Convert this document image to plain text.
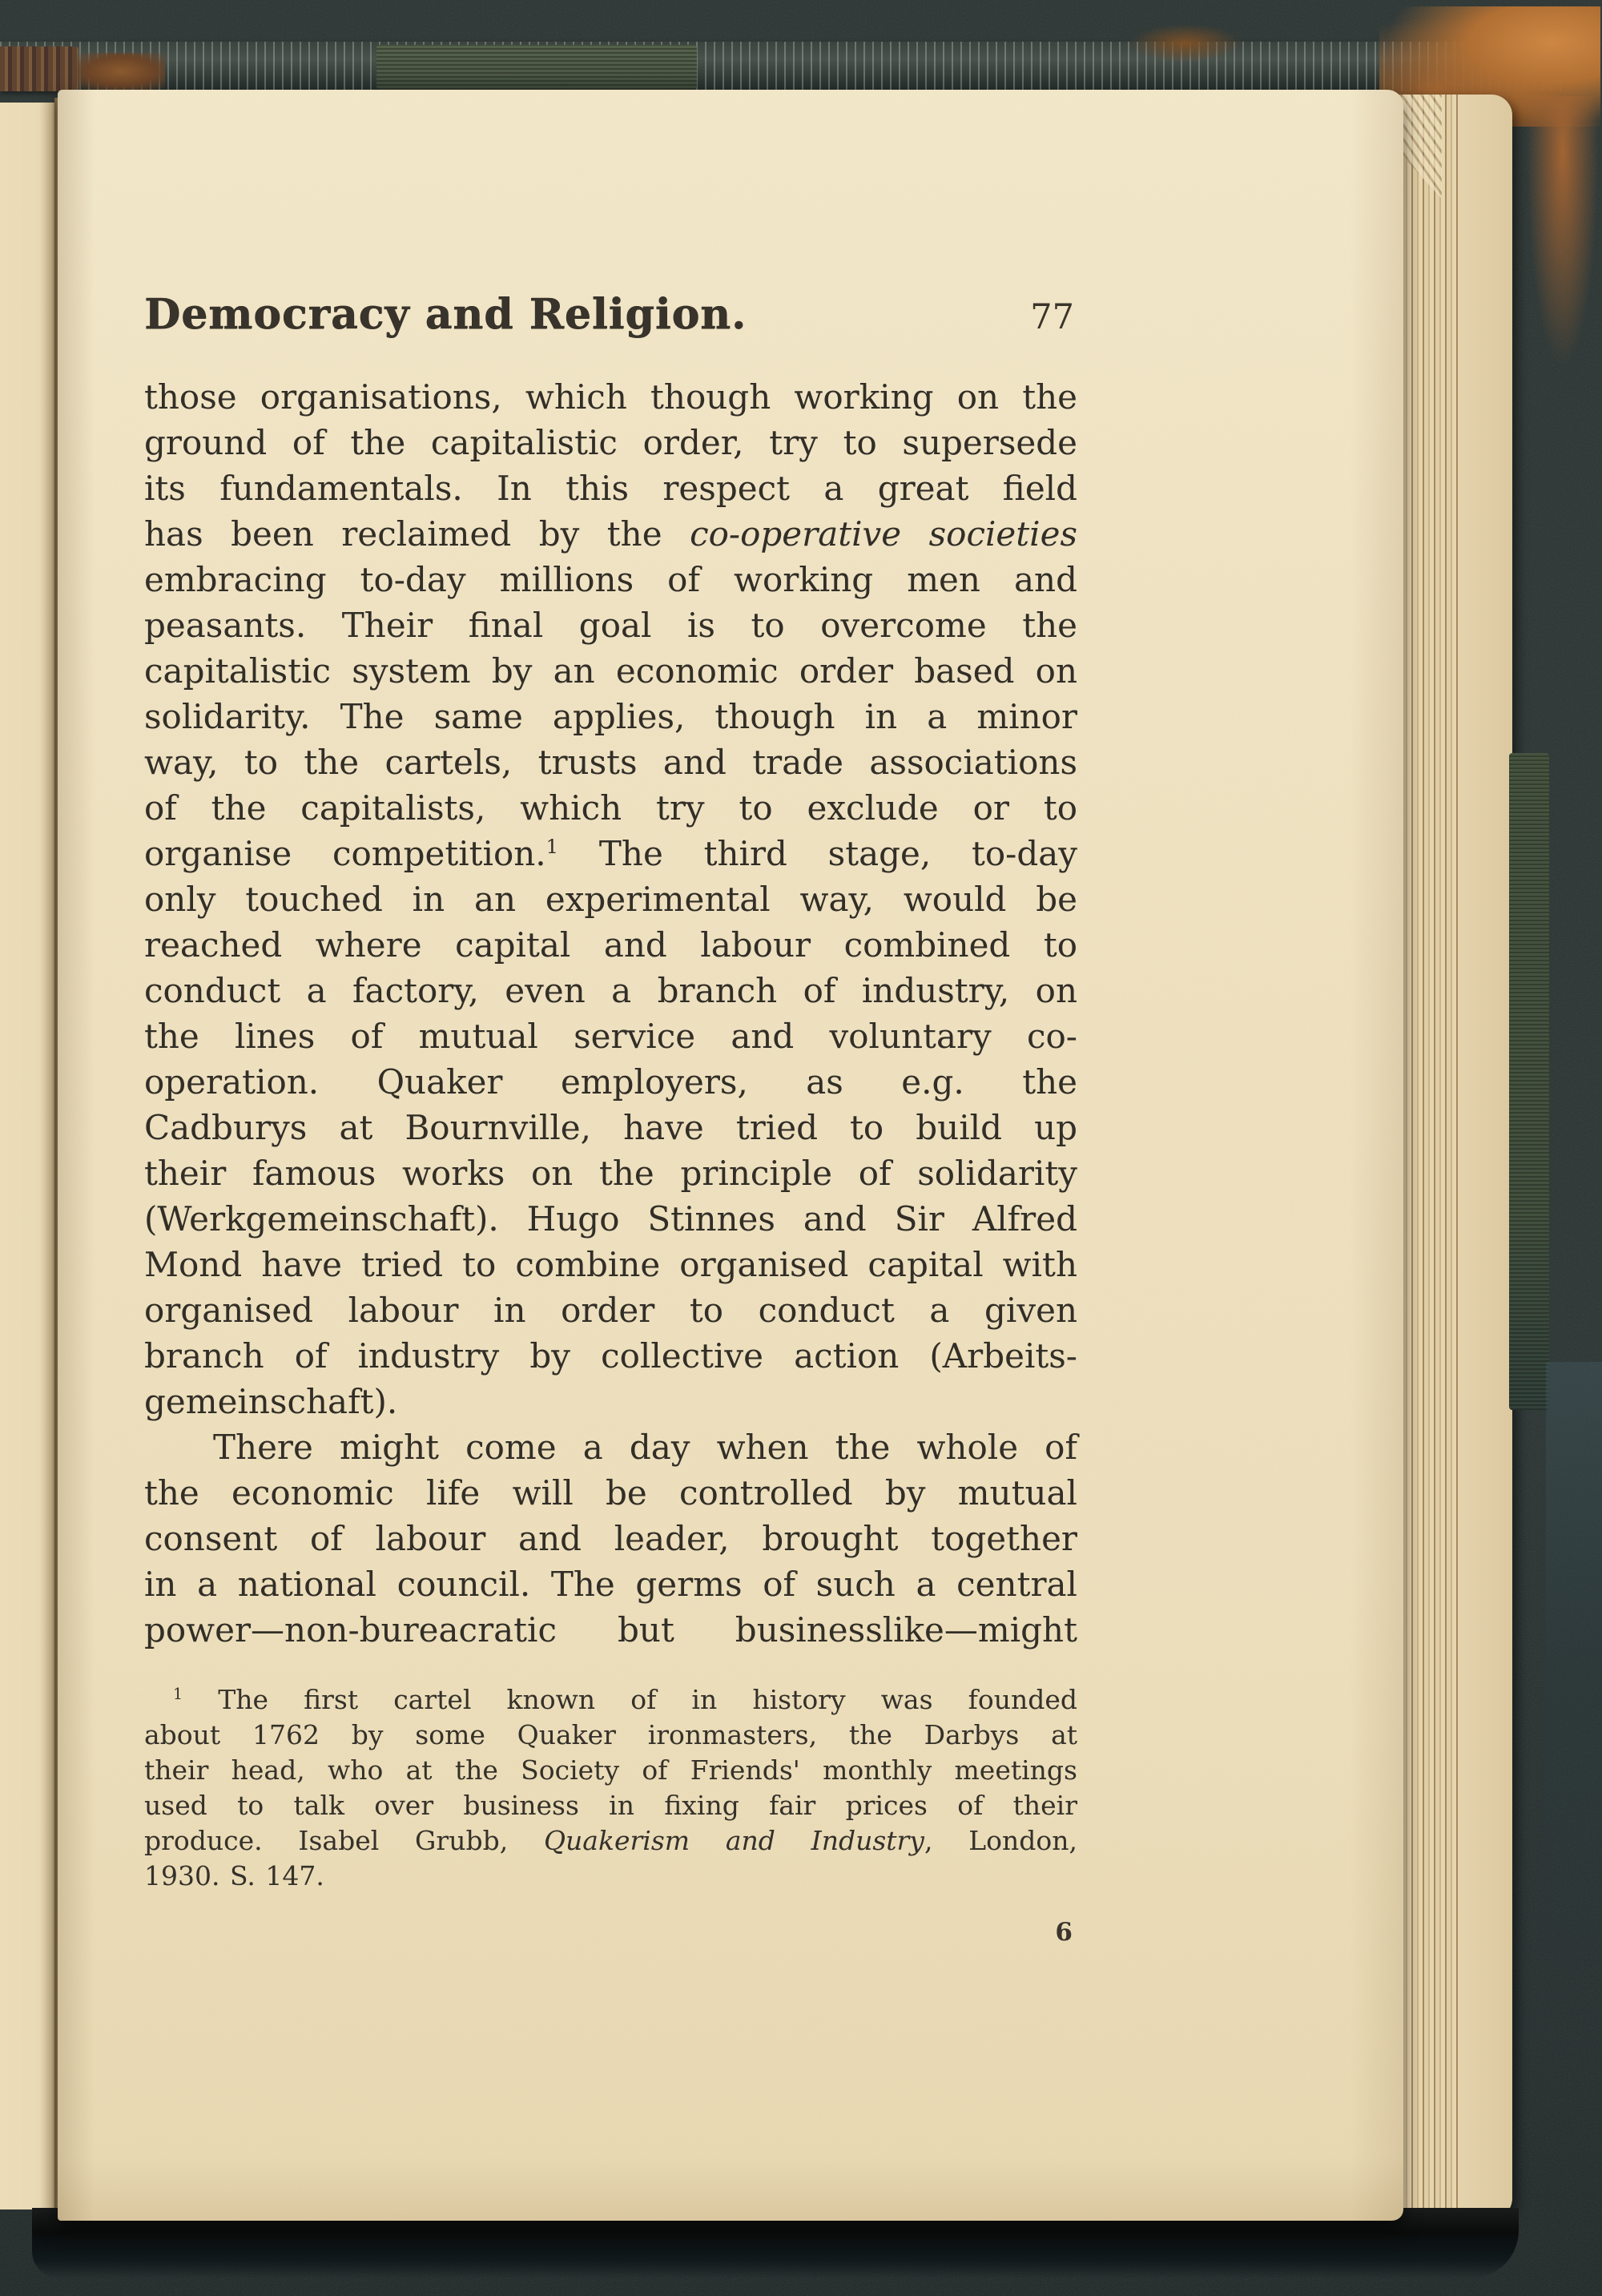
Democracy and Religion.	77
those organisations, which though working on the
ground of the capitalistic order, try to supersede
its fundamentals. In this respect a great field
has been reclaimed by the co-operative societies
embracing to-day millions of working men and
peasants. Their final goal is to overcome the
capitalistic system by an economic order based on
solidarity. The same applies, though in a minor
way, to the cartels, trusts and trade associations
of the capitalists, which try to exclude or to
organise competition.$^1$ The third stage, to-day
only touched in an experimental way, would be
reached where capital and labour combined to
conduct a factory, even a branch of industry, on
the lines of mutual service and voluntary co-
operation. Quaker employers, as e.g. the
Cadburys at Bournville, have tried to build up
their famous works on the principle of solidarity
(Werkgemeinschaft). Hugo Stinnes and Sir Alfred
Mond have tried to combine organised capital with
organised labour in order to conduct a given
branch of industry by collective action (Arbeits-
gemeinschaft).
There might come a day when the whole of
the economic life will be controlled by mutual
consent of labour and leader, brought together
in a national council. The germs of such a central
power—non-bureacratic but businesslike—might
$^1$ The first cartel known of in history was founded
about 1762 by some Quaker ironmasters, the Darbys at
their head, who at the Society of Friends' monthly meetings
used to talk over business in fixing fair prices of their
produce. Isabel Grubb, Quakerism and Industry, London,
1930. S. 147.
6
